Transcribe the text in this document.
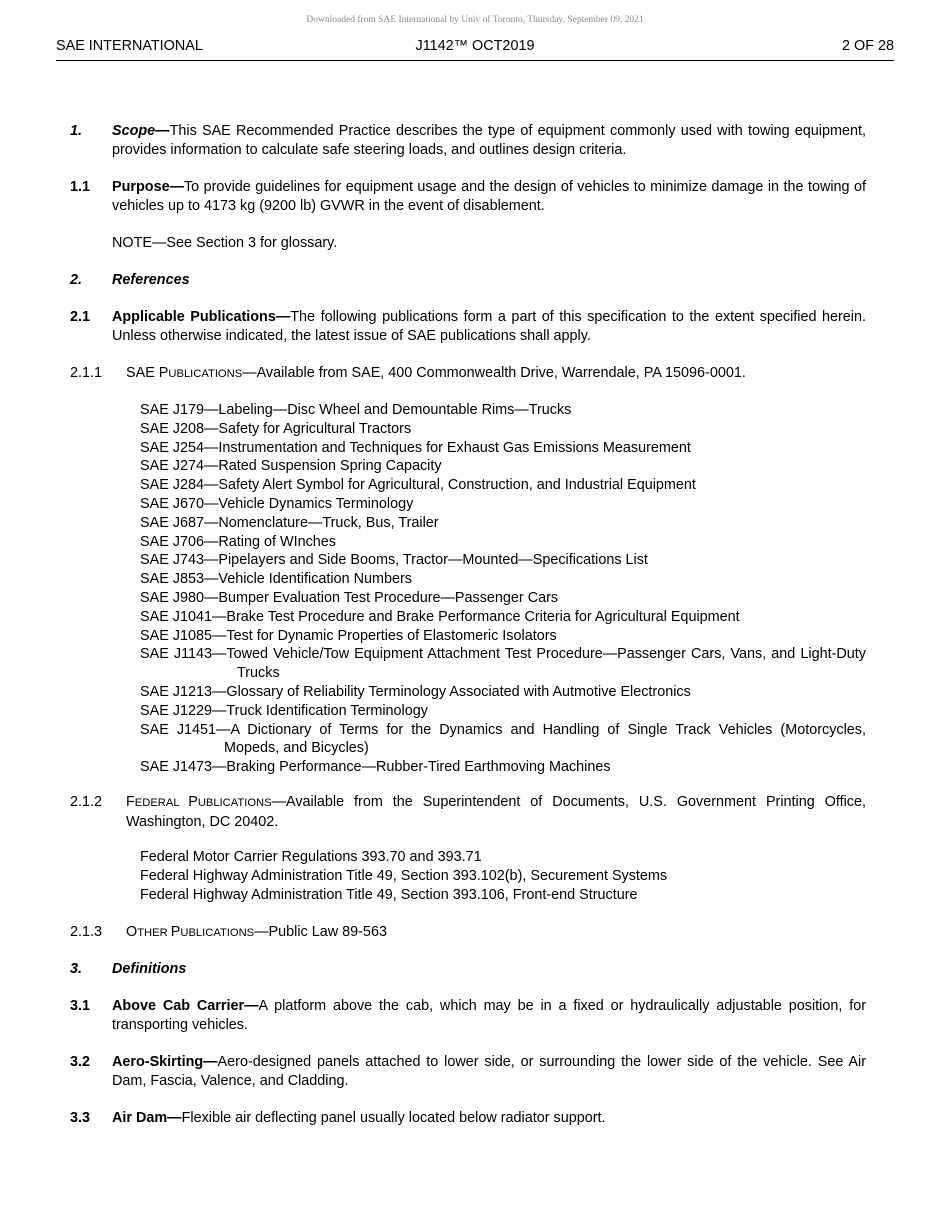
Downloaded from SAE International by Univ of Toronto, Thursday, September 09, 2021
SAE INTERNATIONAL	J1142™ OCT2019	2 OF 28
1. Scope—This SAE Recommended Practice describes the type of equipment commonly used with towing equipment, provides information to calculate safe steering loads, and outlines design criteria.
1.1 Purpose—To provide guidelines for equipment usage and the design of vehicles to minimize damage in the towing of vehicles up to 4173 kg (9200 lb) GVWR in the event of disablement.
NOTE—See Section 3 for glossary.
2. References
2.1 Applicable Publications—The following publications form a part of this specification to the extent specified herein. Unless otherwise indicated, the latest issue of SAE publications shall apply.
2.1.1 SAE PUBLICATIONS—Available from SAE, 400 Commonwealth Drive, Warrendale, PA 15096-0001.
SAE J179—Labeling—Disc Wheel and Demountable Rims—Trucks
SAE J208—Safety for Agricultural Tractors
SAE J254—Instrumentation and Techniques for Exhaust Gas Emissions Measurement
SAE J274—Rated Suspension Spring Capacity
SAE J284—Safety Alert Symbol for Agricultural, Construction, and Industrial Equipment
SAE J670—Vehicle Dynamics Terminology
SAE J687—Nomenclature—Truck, Bus, Trailer
SAE J706—Rating of WInches
SAE J743—Pipelayers and Side Booms, Tractor—Mounted—Specifications List
SAE J853—Vehicle Identification Numbers
SAE J980—Bumper Evaluation Test Procedure—Passenger Cars
SAE J1041—Brake Test Procedure and Brake Performance Criteria for Agricultural Equipment
SAE J1085—Test for Dynamic Properties of Elastomeric Isolators
SAE J1143—Towed Vehicle/Tow Equipment Attachment Test Procedure—Passenger Cars, Vans, and Light-Duty Trucks
SAE J1213—Glossary of Reliability Terminology Associated with Autmotive Electronics
SAE J1229—Truck Identification Terminology
SAE J1451—A Dictionary of Terms for the Dynamics and Handling of Single Track Vehicles (Motorcycles, Mopeds, and Bicycles)
SAE J1473—Braking Performance—Rubber-Tired Earthmoving Machines
2.1.2 FEDERAL PUBLICATIONS—Available from the Superintendent of Documents, U.S. Government Printing Office, Washington, DC 20402.
Federal Motor Carrier Regulations 393.70 and 393.71
Federal Highway Administration Title 49, Section 393.102(b), Securement Systems
Federal Highway Administration Title 49, Section 393.106, Front-end Structure
2.1.3 OTHER PUBLICATIONS—Public Law 89-563
3. Definitions
3.1 Above Cab Carrier—A platform above the cab, which may be in a fixed or hydraulically adjustable position, for transporting vehicles.
3.2 Aero-Skirting—Aero-designed panels attached to lower side, or surrounding the lower side of the vehicle. See Air Dam, Fascia, Valence, and Cladding.
3.3 Air Dam—Flexible air deflecting panel usually located below radiator support.
